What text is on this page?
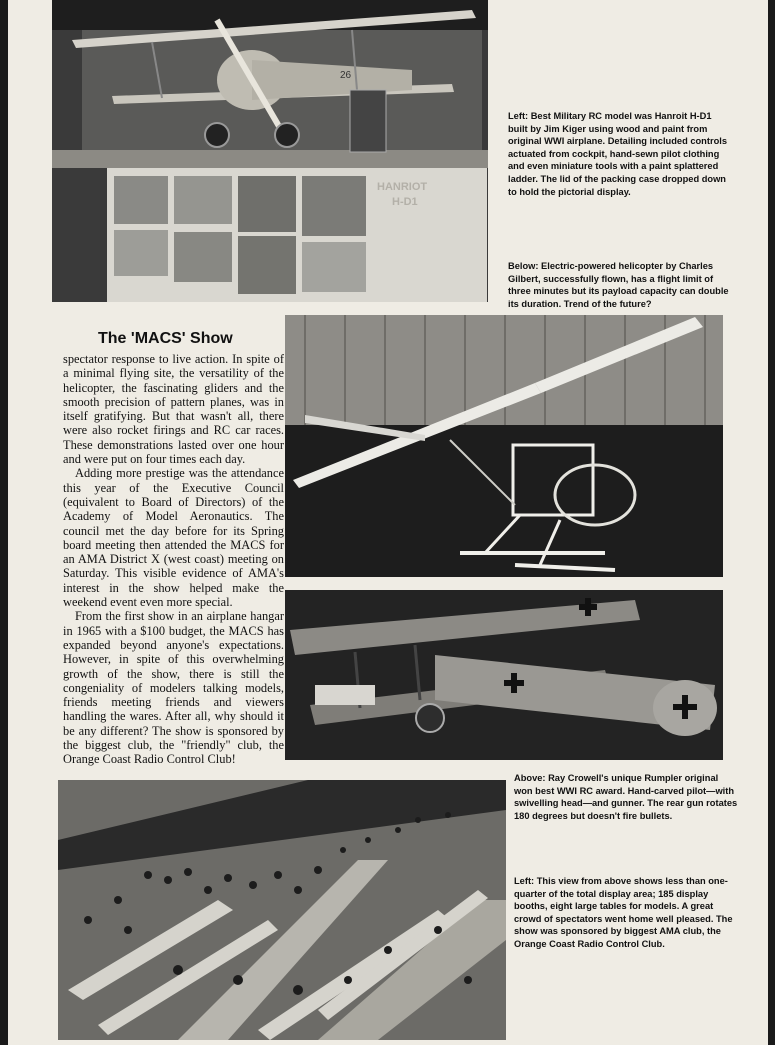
HANRIOT
H-D1
26
Left: Best Military RC model was Hanroit H-D1 built by Jim Kiger using wood and paint from original WWI airplane. Detailing included controls actuated from cockpit, hand-sewn pilot clothing and even miniature tools with a paint splattered ladder. The lid of the packing case dropped down to hold the pictorial display.
Below: Electric-powered helicopter by Charles Gilbert, successfully flown, has a flight limit of three minutes but its payload capacity can double its duration. Trend of the future?
The 'MACS' Show

spectator response to live action. In spite of a minimal flying site, the versatility of the helicopter, the fascinating gliders and the smooth precision of pattern planes, was in itself gratifying. But that wasn't all, there were also rocket firings and RC car races. These demonstrations lasted over one hour and were put on four times each day.

Adding more prestige was the attendance this year of the Executive Council (equivalent to Board of Directors) of the Academy of Model Aeronautics. The council met the day before for its Spring board meeting then attended the MACS for an AMA District X (west coast) meeting on Saturday. This visible evidence of AMA's interest in the show helped make the weekend event even more special.

From the first show in an airplane hangar in 1965 with a $100 budget, the MACS has expanded beyond anyone's expectations. However, in spite of this overwhelming growth of the show, there is still the congeniality of modelers talking models, friends meeting friends and viewers handling the wares. After all, why should it be any different? The show is sponsored by the biggest club, the "friendly" club, the Orange Coast Radio Control Club!

Above: Ray Crowell's unique Rumpler original won best WWI RC award. Hand-carved pilot—with swivelling head—and gunner. The rear gun rotates 180 degrees but doesn't fire bullets.
Left: This view from above shows less than one-quarter of the total display area; 185 display booths, eight large tables for models. A great crowd of spectators went home well pleased. The show was sponsored by biggest AMA club, the Orange Coast Radio Control Club.
